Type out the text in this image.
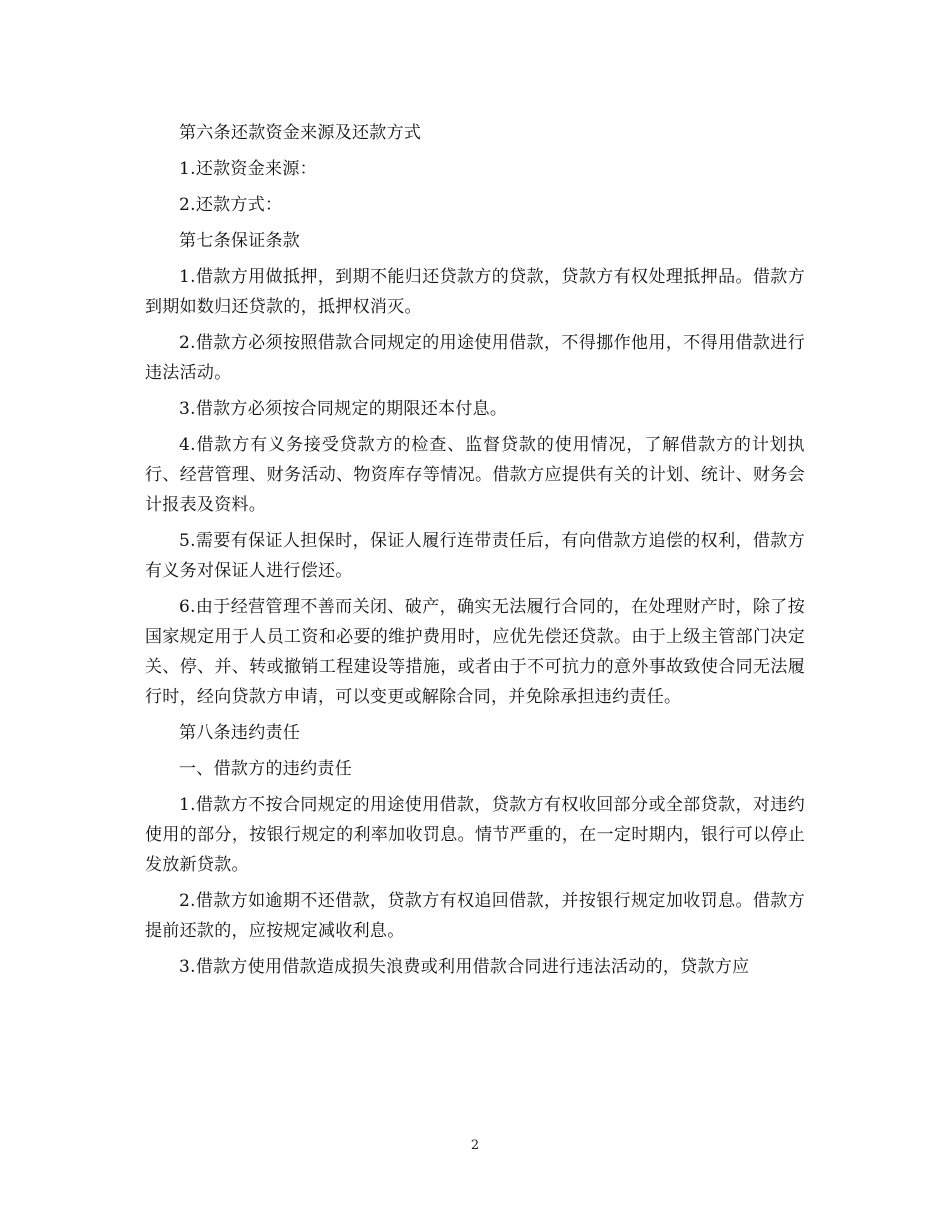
第六条还款资金来源及还款方式

1.还款资金来源：

2.还款方式：

第七条保证条款

1.借款方用做抵押，到期不能归还贷款方的贷款，贷款方有权处理抵押品。借款方到期如数归还贷款的，抵押权消灭。

2.借款方必须按照借款合同规定的用途使用借款，不得挪作他用，不得用借款进行违法活动。

3.借款方必须按合同规定的期限还本付息。

4.借款方有义务接受贷款方的检查、监督贷款的使用情况，了解借款方的计划执行、经营管理、财务活动、物资库存等情况。借款方应提供有关的计划、统计、财务会计报表及资料。

5.需要有保证人担保时，保证人履行连带责任后，有向借款方追偿的权利，借款方有义务对保证人进行偿还。

6.由于经营管理不善而关闭、破产，确实无法履行合同的，在处理财产时，除了按国家规定用于人员工资和必要的维护费用时，应优先偿还贷款。由于上级主管部门决定关、停、并、转或撤销工程建设等措施，或者由于不可抗力的意外事故致使合同无法履行时，经向贷款方申请，可以变更或解除合同，并免除承担违约责任。

第八条违约责任

一、借款方的违约责任

1.借款方不按合同规定的用途使用借款，贷款方有权收回部分或全部贷款，对违约使用的部分，按银行规定的利率加收罚息。情节严重的，在一定时期内，银行可以停止发放新贷款。

2.借款方如逾期不还借款，贷款方有权追回借款，并按银行规定加收罚息。借款方提前还款的，应按规定减收利息。

3.借款方使用借款造成损失浪费或利用借款合同进行违法活动的，贷款方应

2
